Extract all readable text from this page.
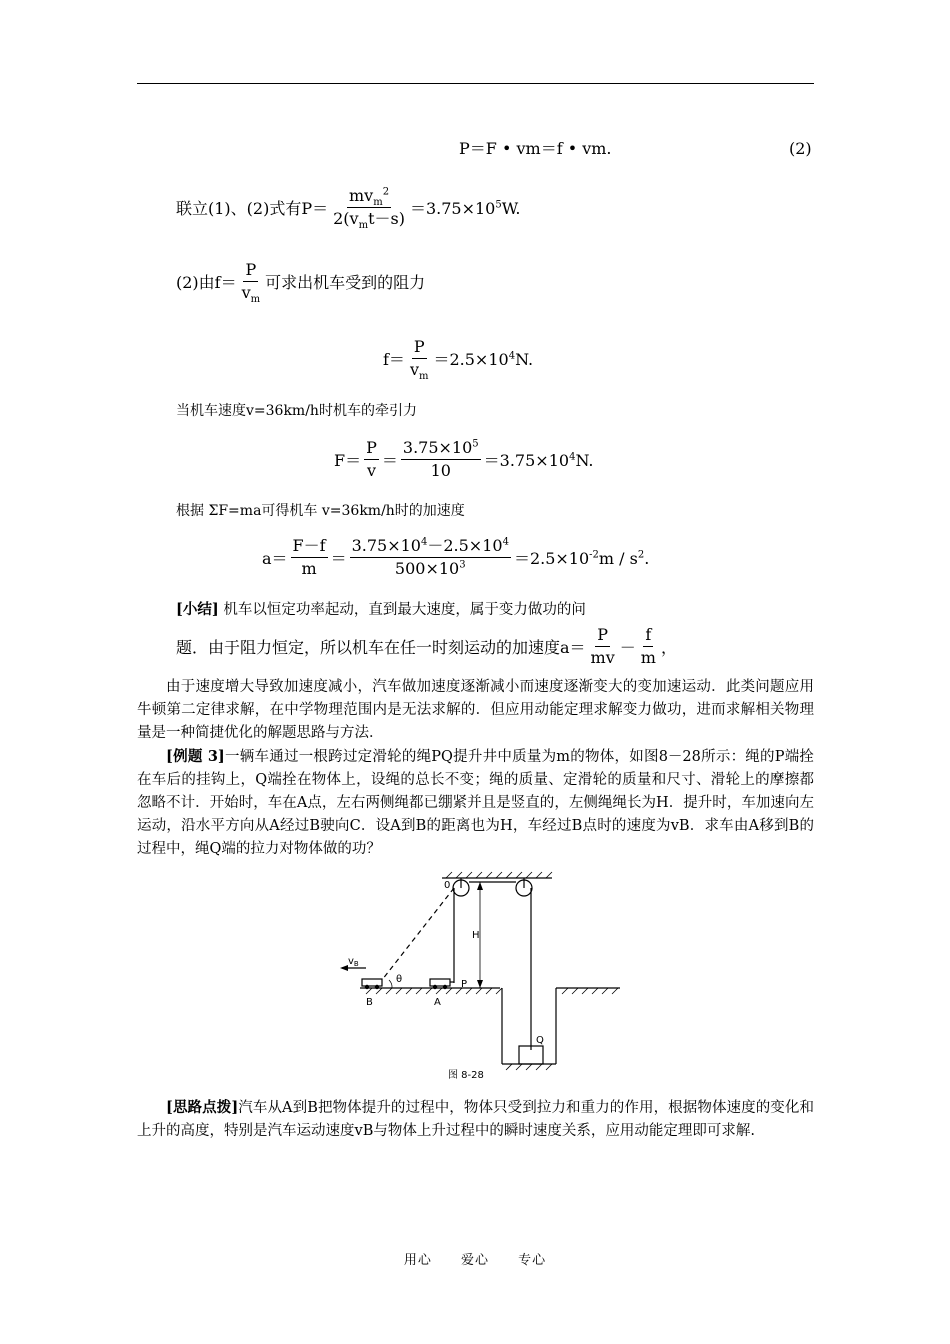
P＝F • vm＝f • vm.	(2)
联立(1)、(2)式有$P= \frac{mv_m^2}{2(v_mt-s)} =3.75\times 10^5W$.
(2)由$f= \frac{P}{v_m}$ 可求出机车受到的阻力
$f= \frac{P}{v_m} =2.5\times 10^4N$.
当机车速度v=36km/h时机车的牵引力
$F= \frac{P}{v} = \frac{3.75\times 10^5}{10} =3.75\times 10^4N$.
根据 ΣF=ma可得机车 v=36km/h时的加速度
$a= \frac{F-f}{m} = \frac{3.75\times 10^4-2.5\times 10^4}{500\times 10^3} =2.5\times 10^{-2}m / s^2$.
[小结] 机车以恒定功率起动，直到最大速度，属于变力做功的问
题．由于阻力恒定，所以机车在任一时刻运动的加速度$a= \frac{P}{mv} - \frac{f}{m}$ ，

由于速度增大导致加速度减小，汽车做加速度逐渐减小而速度逐渐变大的变加速运动．此类问题应用牛顿第二定律求解，在中学物理范围内是无法求解的．但应用动能定理求解变力做功，进而求解相关物理量是一种简捷优化的解题思路与方法．

[例题 3]一辆车通过一根跨过定滑轮的绳PQ提升井中质量为m的物体，如图8－28所示：绳的P端拴在车后的挂钩上，Q端拴在物体上，设绳的总长不变；绳的质量、定滑轮的质量和尺寸、滑轮上的摩擦都忽略不计．开始时，车在A点，左右两侧绳都已绷紧并且是竖直的，左侧绳绳长为H．提升时，车加速向左运动，沿水平方向从A经过B驶向C．设A到B的距离也为H，车经过B点时的速度为vB．求车由A移到B的过程中，绳Q端的拉力对物体做的功？

0
H
$v_B$
θ	P
B	A
Q
图 8-28

[思路点拨]汽车从A到B把物体提升的过程中，物体只受到拉力和重力的作用，根据物体速度的变化和上升的高度，特别是汽车运动速度vB与物体上升过程中的瞬时速度关系，应用动能定理即可求解.

用心 爱心 专心
